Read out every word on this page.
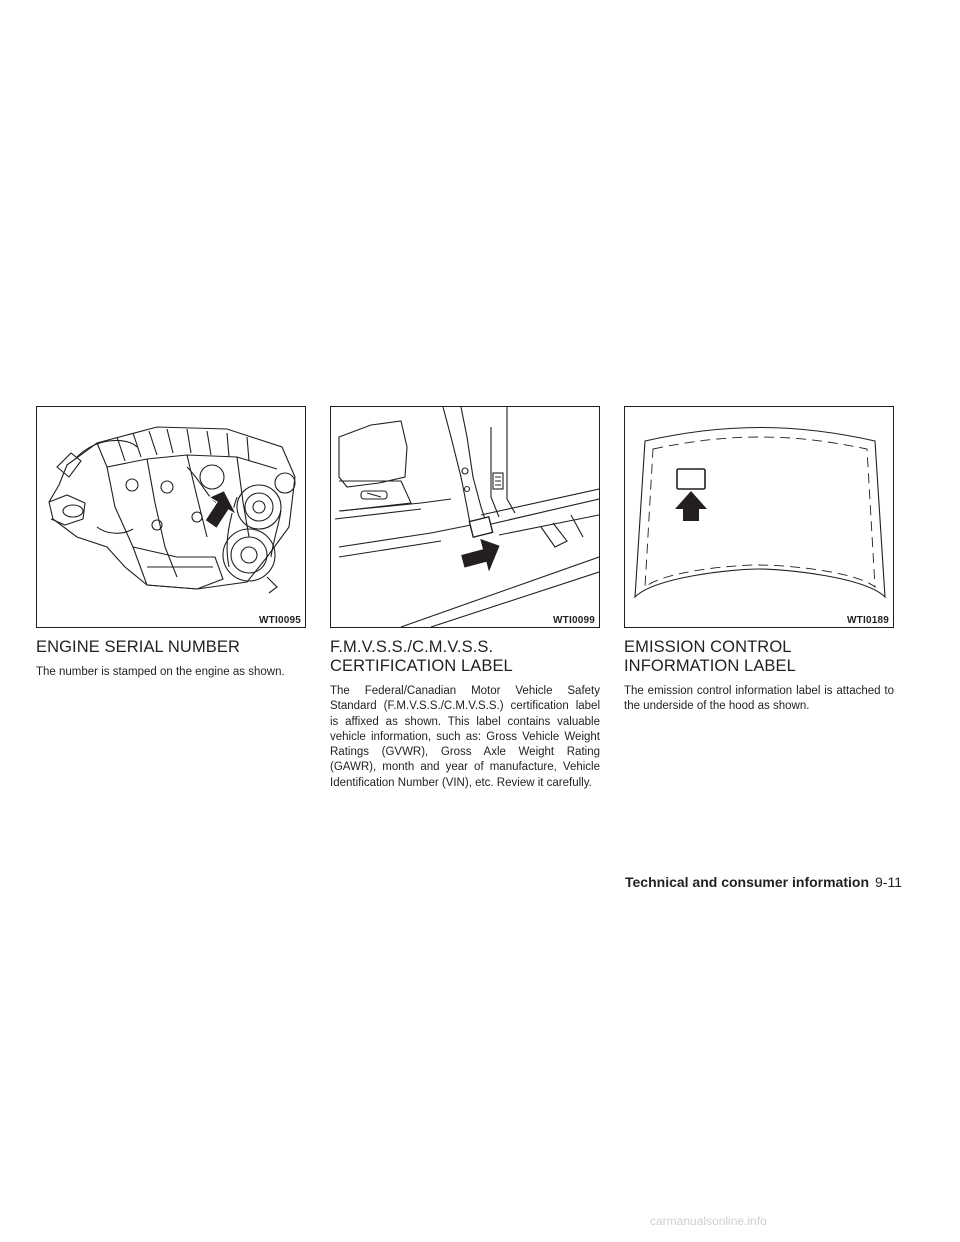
WTI0095
ENGINE SERIAL NUMBER

The number is stamped on the engine as shown.

WTI0099
F.M.V.S.S./C.M.V.S.S. CERTIFICATION LABEL

The Federal/Canadian Motor Vehicle Safety Standard (F.M.V.S.S./C.M.V.S.S.) certification label is affixed as shown. This label contains valuable vehicle information, such as: Gross Vehicle Weight Ratings (GVWR), Gross Axle Weight Rating (GAWR), month and year of manufacture, Vehicle Identification Number (VIN), etc. Review it carefully.

WTI0189
EMISSION CONTROL INFORMATION LABEL

The emission control information label is attached to the underside of the hood as shown.

Technical and consumer information 9-11
carmanualsonline.info
